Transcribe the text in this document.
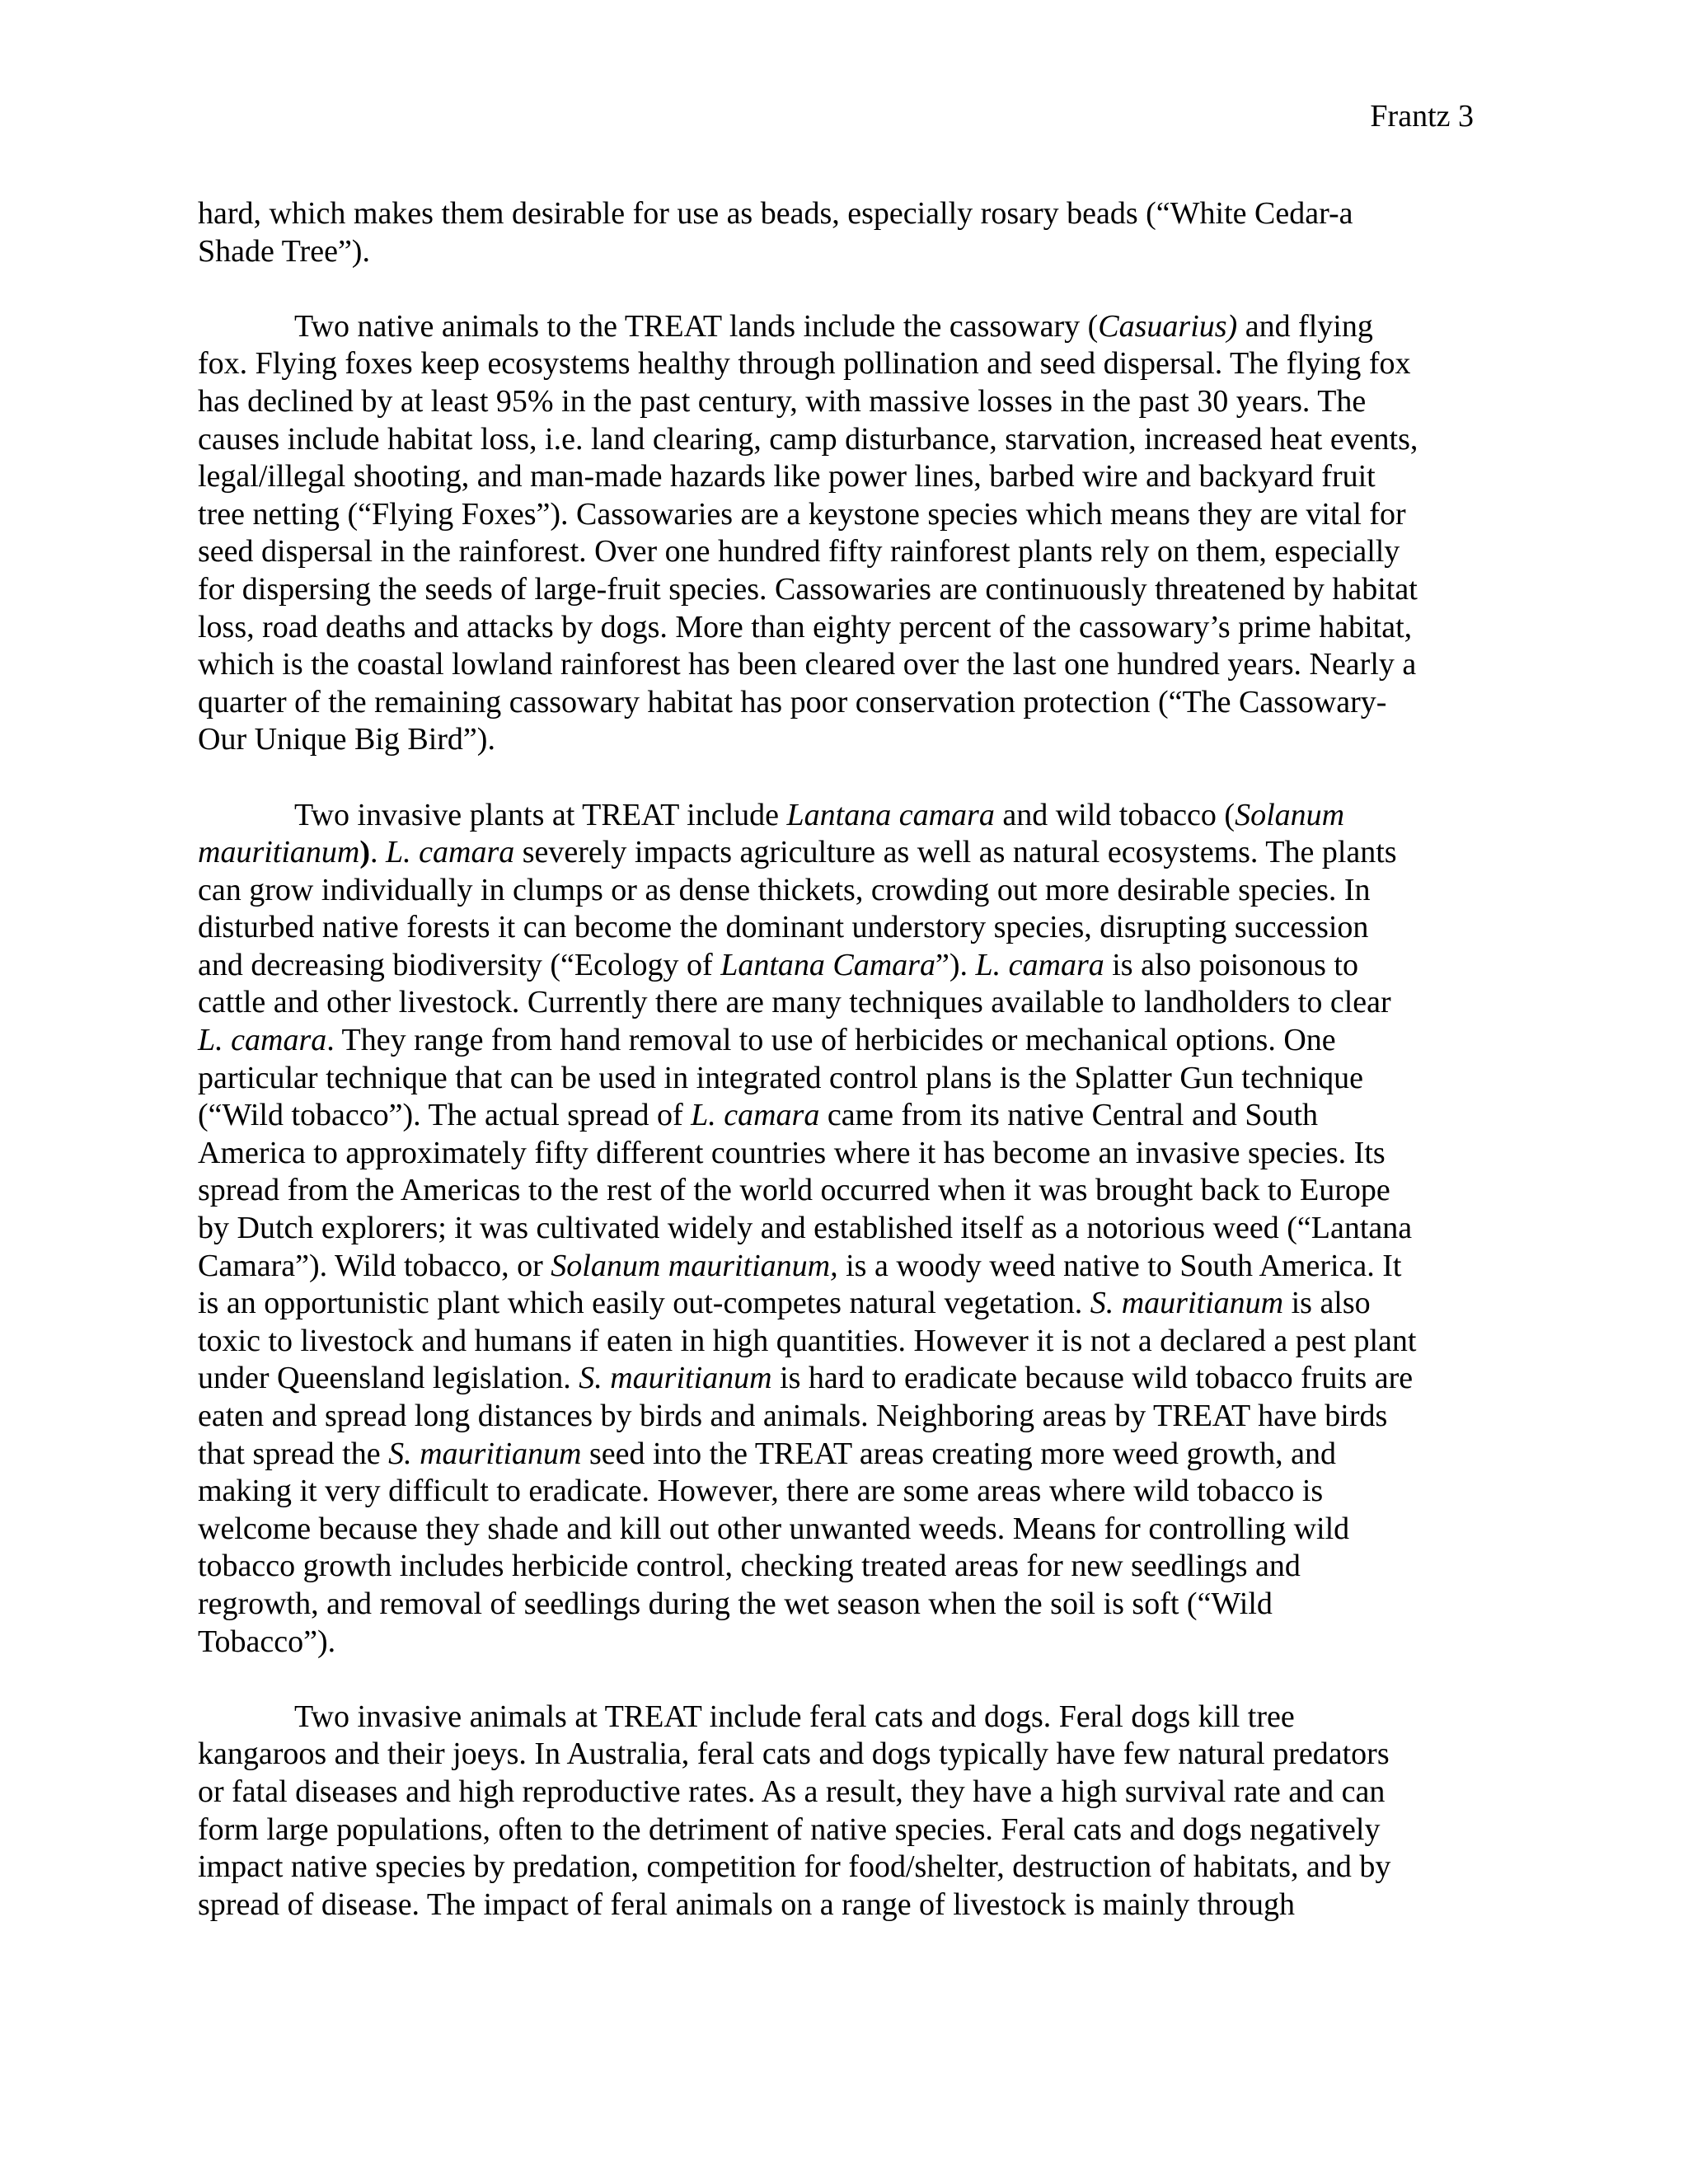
Frantz 3

hard, which makes them desirable for use as beads, especially rosary beads (“White Cedar-a
Shade Tree”).

Two native animals to the TREAT lands include the cassowary (Casuarius) and flying
fox. Flying foxes keep ecosystems healthy through pollination and seed dispersal. The flying fox
has declined by at least 95% in the past century, with massive losses in the past 30 years. The
causes include habitat loss, i.e. land clearing, camp disturbance, starvation, increased heat events,
legal/illegal shooting, and man-made hazards like power lines, barbed wire and backyard fruit
tree netting (“Flying Foxes”). Cassowaries are a keystone species which means they are vital for
seed dispersal in the rainforest. Over one hundred fifty rainforest plants rely on them, especially
for dispersing the seeds of large-fruit species. Cassowaries are continuously threatened by habitat
loss, road deaths and attacks by dogs. More than eighty percent of the cassowary’s prime habitat,
which is the coastal lowland rainforest has been cleared over the last one hundred years. Nearly a
quarter of the remaining cassowary habitat has poor conservation protection (“The Cassowary-
Our Unique Big Bird”).

Two invasive plants at TREAT include Lantana camara and wild tobacco (Solanum
mauritianum). L. camara severely impacts agriculture as well as natural ecosystems. The plants
can grow individually in clumps or as dense thickets, crowding out more desirable species. In
disturbed native forests it can become the dominant understory species, disrupting succession
and decreasing biodiversity (“Ecology of Lantana Camara”). L. camara is also poisonous to
cattle and other livestock. Currently there are many techniques available to landholders to clear
L. camara. They range from hand removal to use of herbicides or mechanical options. One
particular technique that can be used in integrated control plans is the Splatter Gun technique
(“Wild tobacco”). The actual spread of L. camara came from its native Central and South
America to approximately fifty different countries where it has become an invasive species. Its
spread from the Americas to the rest of the world occurred when it was brought back to Europe
by Dutch explorers; it was cultivated widely and established itself as a notorious weed (“Lantana
Camara”). Wild tobacco, or Solanum mauritianum, is a woody weed native to South America. It
is an opportunistic plant which easily out-competes natural vegetation. S. mauritianum is also
toxic to livestock and humans if eaten in high quantities. However it is not a declared a pest plant
under Queensland legislation. S. mauritianum is hard to eradicate because wild tobacco fruits are
eaten and spread long distances by birds and animals. Neighboring areas by TREAT have birds
that spread the S. mauritianum seed into the TREAT areas creating more weed growth, and
making it very difficult to eradicate. However, there are some areas where wild tobacco is
welcome because they shade and kill out other unwanted weeds. Means for controlling wild
tobacco growth includes herbicide control, checking treated areas for new seedlings and
regrowth, and removal of seedlings during the wet season when the soil is soft (“Wild
Tobacco”).

Two invasive animals at TREAT include feral cats and dogs. Feral dogs kill tree
kangaroos and their joeys. In Australia, feral cats and dogs typically have few natural predators
or fatal diseases and high reproductive rates. As a result, they have a high survival rate and can
form large populations, often to the detriment of native species. Feral cats and dogs negatively
impact native species by predation, competition for food/shelter, destruction of habitats, and by
spread of disease. The impact of feral animals on a range of livestock is mainly through
